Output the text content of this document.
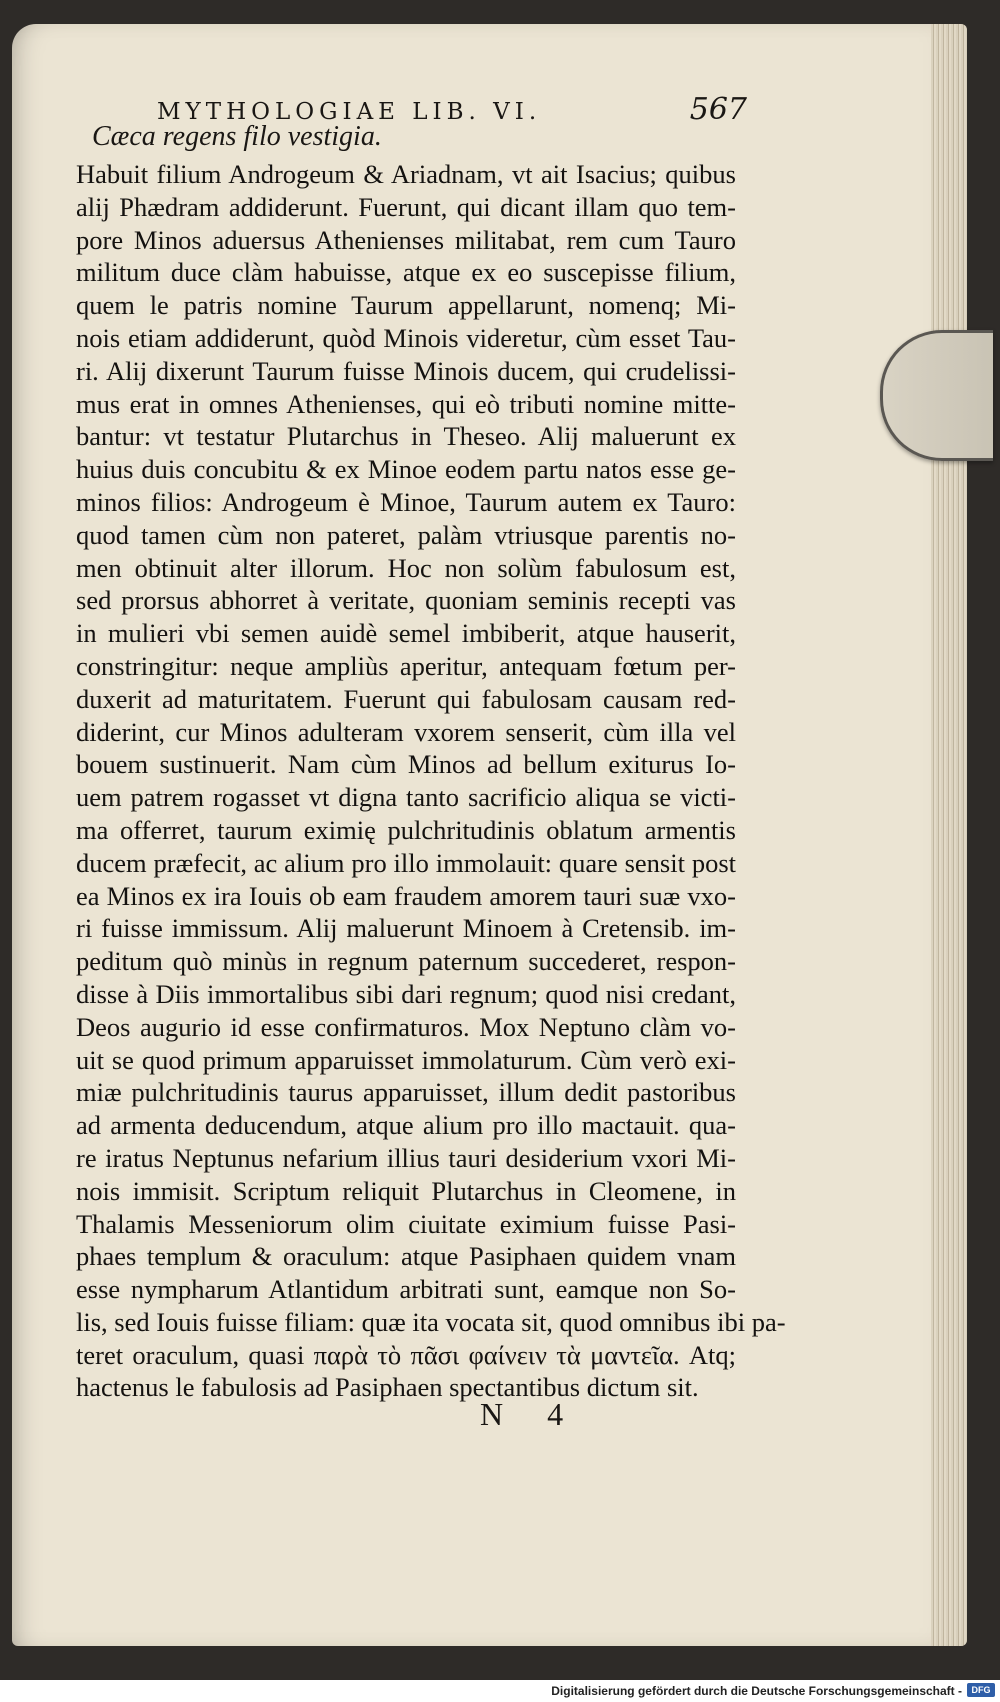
MYTHOLOGIAE LIB. VI.	567
Cæca regens filo vestigia.
Habuit filium Androgeum & Ariadnam, vt ait Isacius; quibus
alij Phædram addiderunt. Fuerunt, qui dicant illam quo tem-
pore Minos aduersus Athenienses militabat, rem cum Tauro
militum duce clàm habuisse, atque ex eo suscepisse filium,
quem le patris nomine Taurum appellarunt, nomenq; Mi-
nois etiam addiderunt, quòd Minois videretur, cùm esset Tau-
ri. Alij dixerunt Taurum fuisse Minois ducem, qui crudelissi-
mus erat in omnes Athenienses, qui eò tributi nomine mitte-
bantur: vt testatur Plutarchus in Theseo. Alij maluerunt ex
huius duis concubitu & ex Minoe eodem partu natos esse ge-
minos filios: Androgeum è Minoe, Taurum autem ex Tauro:
quod tamen cùm non pateret, palàm vtriusque parentis no-
men obtinuit alter illorum. Hoc non solùm fabulosum est,
sed prorsus abhorret à veritate, quoniam seminis recepti vas
in mulieri vbi semen auidè semel imbiberit, atque hauserit,
constringitur: neque ampliùs aperitur, antequam fœtum per-
duxerit ad maturitatem. Fuerunt qui fabulosam causam red-
diderint, cur Minos adulteram vxorem senserit, cùm illa vel
bouem sustinuerit. Nam cùm Minos ad bellum exiturus Io-
uem patrem rogasset vt digna tanto sacrificio aliqua se victi-
ma offerret, taurum eximię pulchritudinis oblatum armentis
ducem præfecit, ac alium pro illo immolauit: quare sensit post
ea Minos ex ira Iouis ob eam fraudem amorem tauri suæ vxo-
ri fuisse immissum. Alij maluerunt Minoem à Cretensib. im-
peditum quò minùs in regnum paternum succederet, respon-
disse à Diis immortalibus sibi dari regnum; quod nisi credant,
Deos augurio id esse confirmaturos. Mox Neptuno clàm vo-
uit se quod primum apparuisset immolaturum. Cùm verò exi-
miæ pulchritudinis taurus apparuisset, illum dedit pastoribus
ad armenta deducendum, atque alium pro illo mactauit. qua-
re iratus Neptunus nefarium illius tauri desiderium vxori Mi-
nois immisit. Scriptum reliquit Plutarchus in Cleomene, in
Thalamis Messeniorum olim ciuitate eximium fuisse Pasi-
phaes templum & oraculum: atque Pasiphaen quidem vnam
esse nympharum Atlantidum arbitrati sunt, eamque non So-
lis, sed Iouis fuisse filiam: quæ ita vocata sit, quod omnibus ibi pa-
teret oraculum, quasi παρὰ τὸ πᾶσι φαίνειν τὰ μαντεῖα. Atq;
hactenus le fabulosis ad Pasiphaen spectantibus dictum sit.
N 4
Digitalisierung gefördert durch die Deutsche Forschungsgemeinschaft -	DFG
